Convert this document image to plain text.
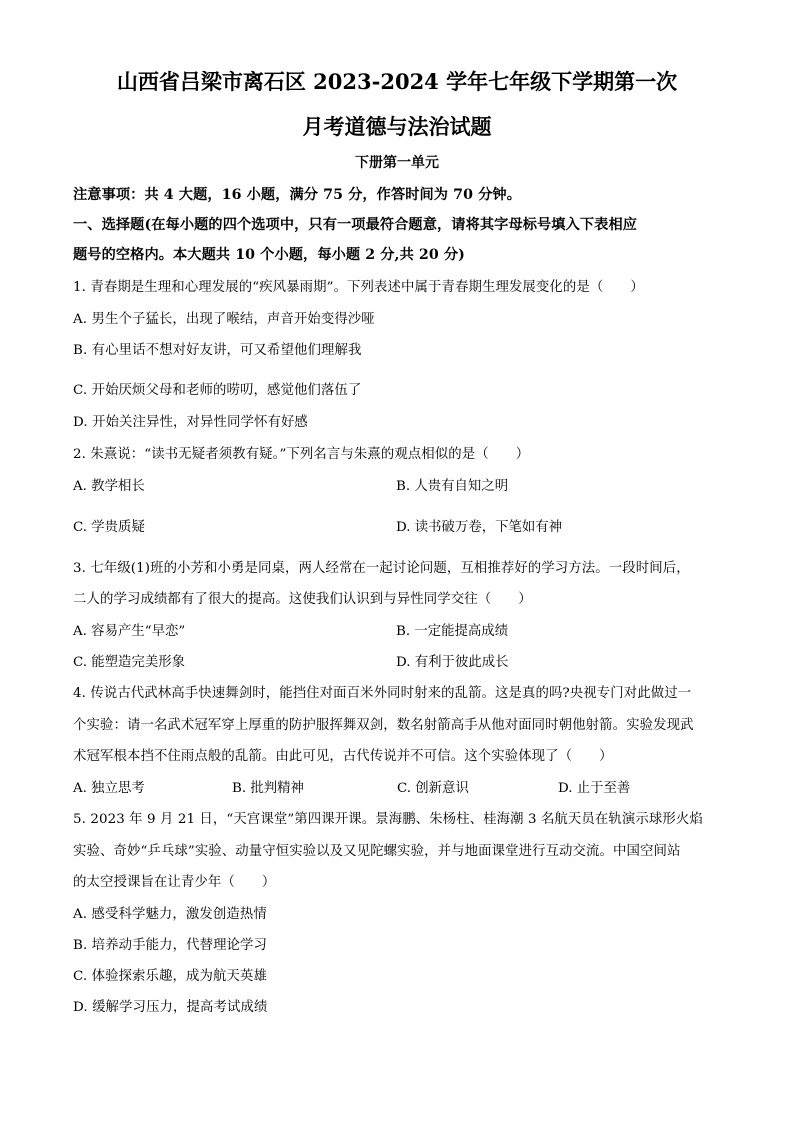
山西省吕梁市离石区 2023-2024 学年七年级下学期第一次
月考道德与法治试题
下册第一单元
注意事项：共 4 大题，16 小题，满分 75 分，作答时间为 70 分钟。
一、选择题(在每小题的四个选项中，只有一项最符合题意，请将其字母标号填入下表相应
题号的空格内。本大题共 10 个小题，每小题 2 分,共 20 分)
1. 青春期是生理和心理发展的“疾风暴雨期”。下列表述中属于青春期生理发展变化的是（　　）
A. 男生个子猛长，出现了喉结，声音开始变得沙哑
B. 有心里话不想对好友讲，可又希望他们理解我
·
C. 开始厌烦父母和老师的唠叨，感觉他们落伍了
D. 开始关注异性，对异性同学怀有好感
2. 朱熹说：“读书无疑者须教有疑。”下列名言与朱熹的观点相似的是（　　）
A. 教学相长	B. 人贵有自知之明
C. 学贵质疑	D. 读书破万卷，下笔如有神
3. 七年级(1)班的小芳和小勇是同桌，两人经常在一起讨论问题，互相推荐好的学习方法。一段时间后，
二人的学习成绩都有了很大的提高。这使我们认识到与异性同学交往（　　）
A. 容易产生“早恋”	B. 一定能提高成绩
C. 能塑造完美形象	D. 有利于彼此成长
4. 传说古代武林高手快速舞剑时，能挡住对面百米外同时射来的乱箭。这是真的吗?央视专门对此做过一
个实验：请一名武术冠军穿上厚重的防护服挥舞双剑，数名射箭高手从他对面同时朝他射箭。实验发现武
术冠军根本挡不住雨点般的乱箭。由此可见，古代传说并不可信。这个实验体现了（　　）
A. 独立思考	B. 批判精神	C. 创新意识	D. 止于至善
5. 2023 年 9 月 21 日，“天宫课堂”第四课开课。景海鹏、朱杨柱、桂海潮 3 名航天员在轨演示球形火焰
实验、奇妙“乒乓球”实验、动量守恒实验以及又见陀螺实验，并与地面课堂进行互动交流。中国空间站
的太空授课旨在让青少年（　　）
A. 感受科学魅力，激发创造热情
B. 培养动手能力，代替理论学习
C. 体验探索乐趣，成为航天英雄
D. 缓解学习压力，提高考试成绩
